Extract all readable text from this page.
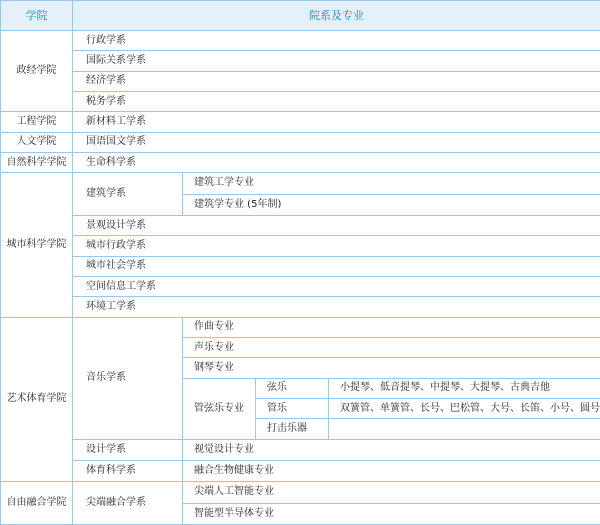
学院	院系及专业			
政经学院	行政学系			
	国际关系学系			
	经济学系			
	税务学系			
工程学院	新材料工学系			
人文学院	国语国文学系			
自然科学学院	生命科学系			
城市科学学院	建筑学系	建筑工学专业		
		建筑学专业 (5年制)		
	景观设计学系			
	城市行政学系			
	城市社会学系			
	空间信息工学系			
	环境工学系			
艺术体育学院	音乐学系	作曲专业		
		声乐专业		
		钢琴专业		
		管弦乐专业	弦乐	小提琴、低音提琴、中提琴、大提琴、古典吉他
			管乐	双簧管、单簧管、长号、巴松管、大号、长笛、小号、圆号
			打击乐器	
	设计学系	视觉设计专业		
	体育科学系	融合生物健康专业		
自由融合学院	尖端融合学系	尖端人工智能专业		
		智能型半导体专业		
